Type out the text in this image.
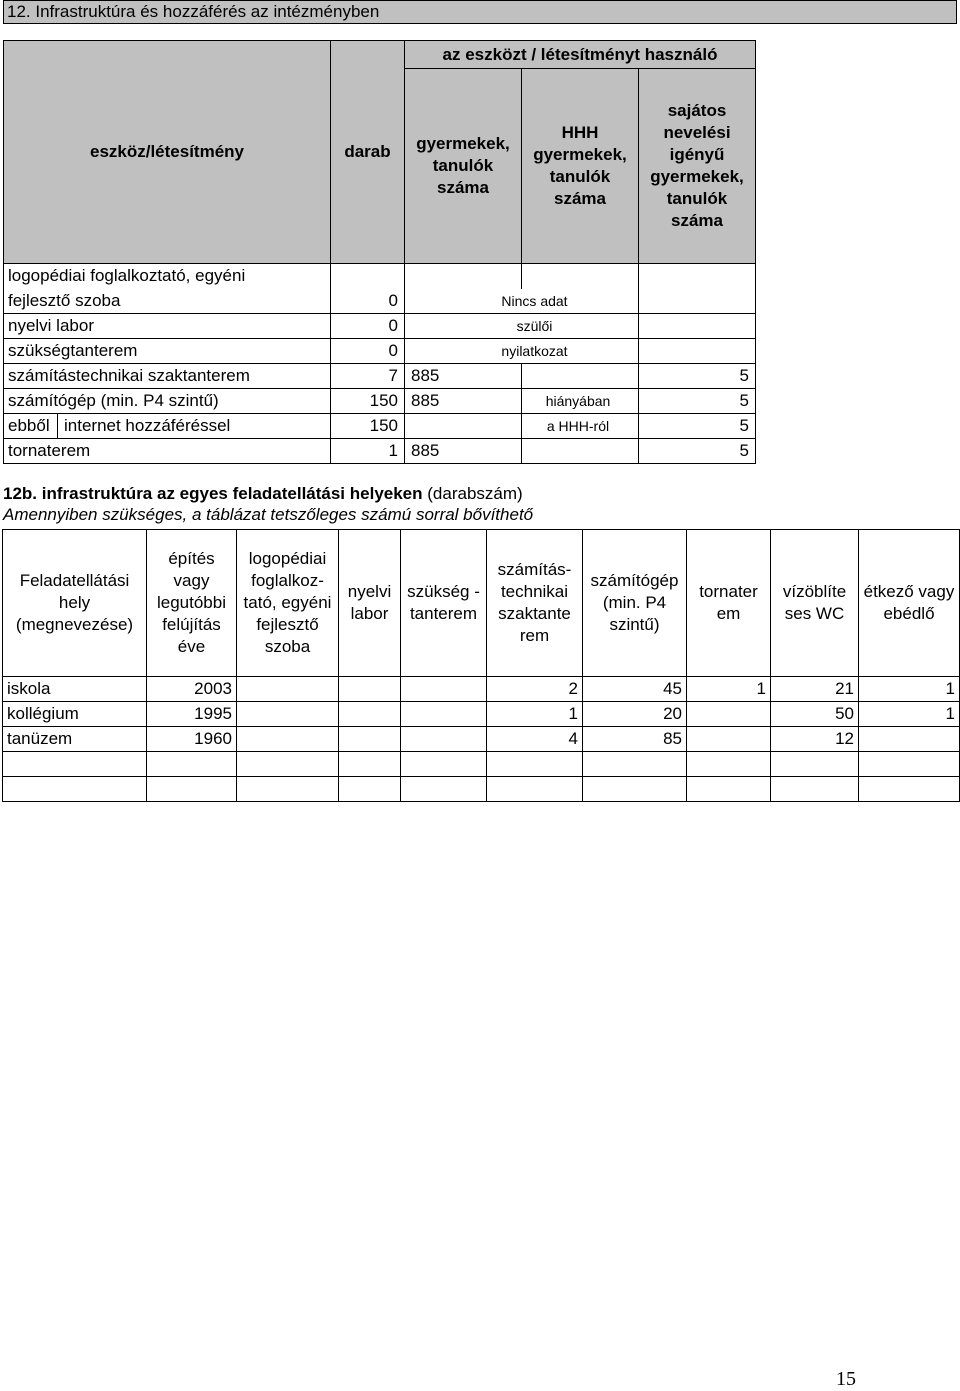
12. Infrastruktúra és hozzáférés az intézményben
eszköz/létesítmény	darab	az eszközt / létesítményt használó		
		gyermekek, tanulók száma	HHH gyermekek, tanulók száma	sajátos nevelési igényű gyermekek, tanulók száma
logopédiai foglalkoztató, egyéni				
fejlesztő szoba	0	Nincs adat		
nyelvi labor	0	szülői		
szükségtanterem	0	nyilatkozat		
számítástechnikai szaktanterem	7	885		5
számítógép (min. P4 szintű)	150	885	hiányában	5
ebből internet hozzáféréssel	150		a HHH-ról	5
tornaterem	1	885		5
12b. infrastruktúra az egyes feladatellátási helyeken (darabszám)
Amennyiben szükséges, a táblázat tetszőleges számú sorral bővíthető
Feladatellátási hely (megnevezése)	építés vagy legutóbbi felújítás éve	logopédiai foglalkoz-tató, egyéni fejlesztő szoba	nyelvi labor	szükség - tanterem	számítás-technikai szaktante rem	számítógép (min. P4 szintű)	tornater em	vízöblíte ses WC	étkező vagy ebédlő
iskola	2003				2	45	1	21	1
kollégium	1995				1	20		50	1
tanüzem	1960				4	85		12	

15
